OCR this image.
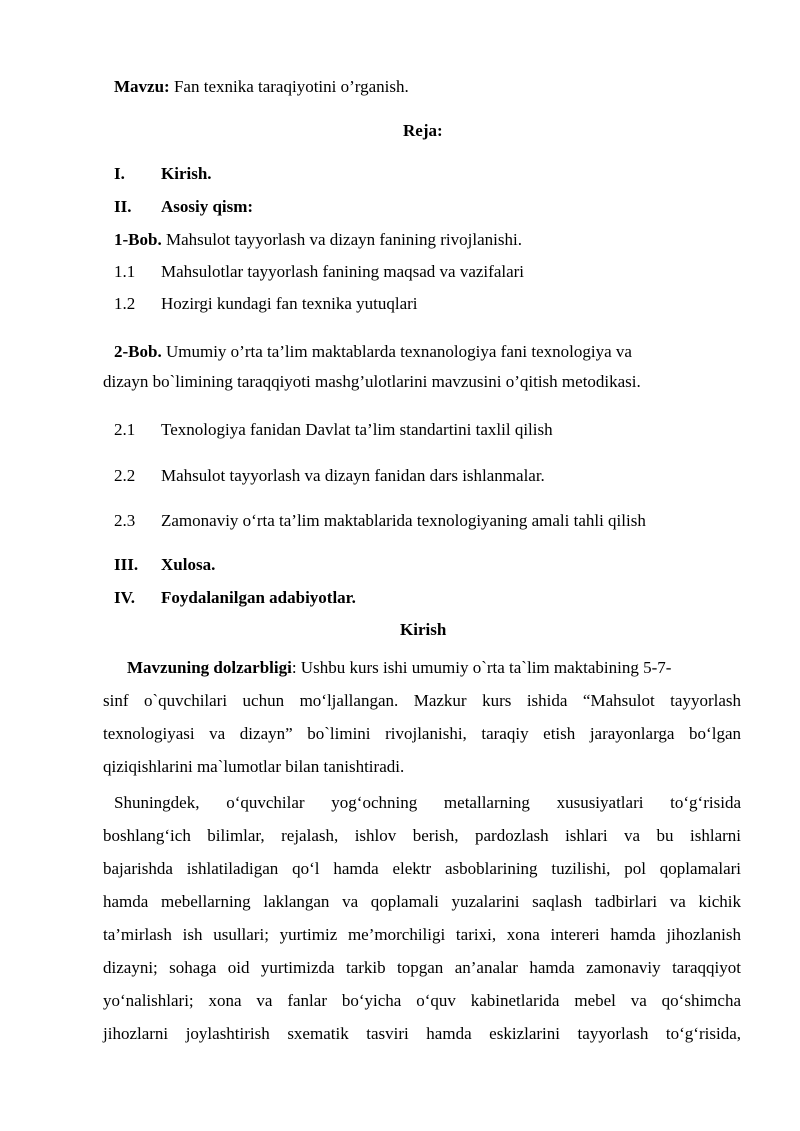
Mavzu: Fan texnika taraqiyotini o’rganish.
Reja:
I. Kirish.
II. Asosiy qism:
1-Bob. Mahsulot tayyorlash va dizayn fanining rivojlanishi.
1.1 Mahsulotlar tayyorlash fanining maqsad va vazifalari
1.2 Hozirgi kundagi fan texnika yutuqlari
2-Bob. Umumiy o’rta ta’lim maktablarda texnanologiya fani texnologiya va
dizayn bo`limining taraqqiyoti mashg’ulotlarini mavzusini o’qitish metodikasi.
2.1 Texnologiya fanidan Davlat ta’lim standartini taxlil qilish
2.2 Mahsulot tayyorlash va dizayn fanidan dars ishlanmalar.
2.3 Zamonaviy o‘rta ta’lim maktablarida texnologiyaning amali tahli qilish
III. Xulosa.
IV. Foydalanilgan adabiyotlar.
Kirish
Mavzuning dolzarbligi: Ushbu kurs ishi umumiy o`rta ta`lim maktabining 5-7-
sinf o`quvchilari uchun mo‘ljallangan. Mazkur kurs ishida “Mahsulot tayyorlash
texnologiyasi va dizayn” bo`limini rivojlanishi, taraqiy etish jarayonlarga bo‘lgan
qiziqishlarini ma`lumotlar bilan tanishtiradi.
Shuningdek, o‘quvchilar yog‘ochning metallarning xususiyatlari to‘g‘risida
boshlang‘ich bilimlar, rejalash, ishlov berish, pardozlash ishlari va bu ishlarni
bajarishda ishlatiladigan qo‘l hamda elektr asboblarining tuzilishi, pol qoplamalari
hamda mebellarning laklangan va qoplamali yuzalarini saqlash tadbirlari va kichik
ta’mirlash ish usullari; yurtimiz me’morchiligi tarixi, xona intereri hamda jihozlanish
dizayni; sohaga oid yurtimizda tarkib topgan an’analar hamda zamonaviy taraqqiyot
yo‘nalishlari; xona va fanlar bo‘yicha o‘quv kabinetlarida mebel va qo‘shimcha
jihozlarni joylashtirish sxematik tasviri hamda eskizlarini tayyorlash to‘g‘risida,
